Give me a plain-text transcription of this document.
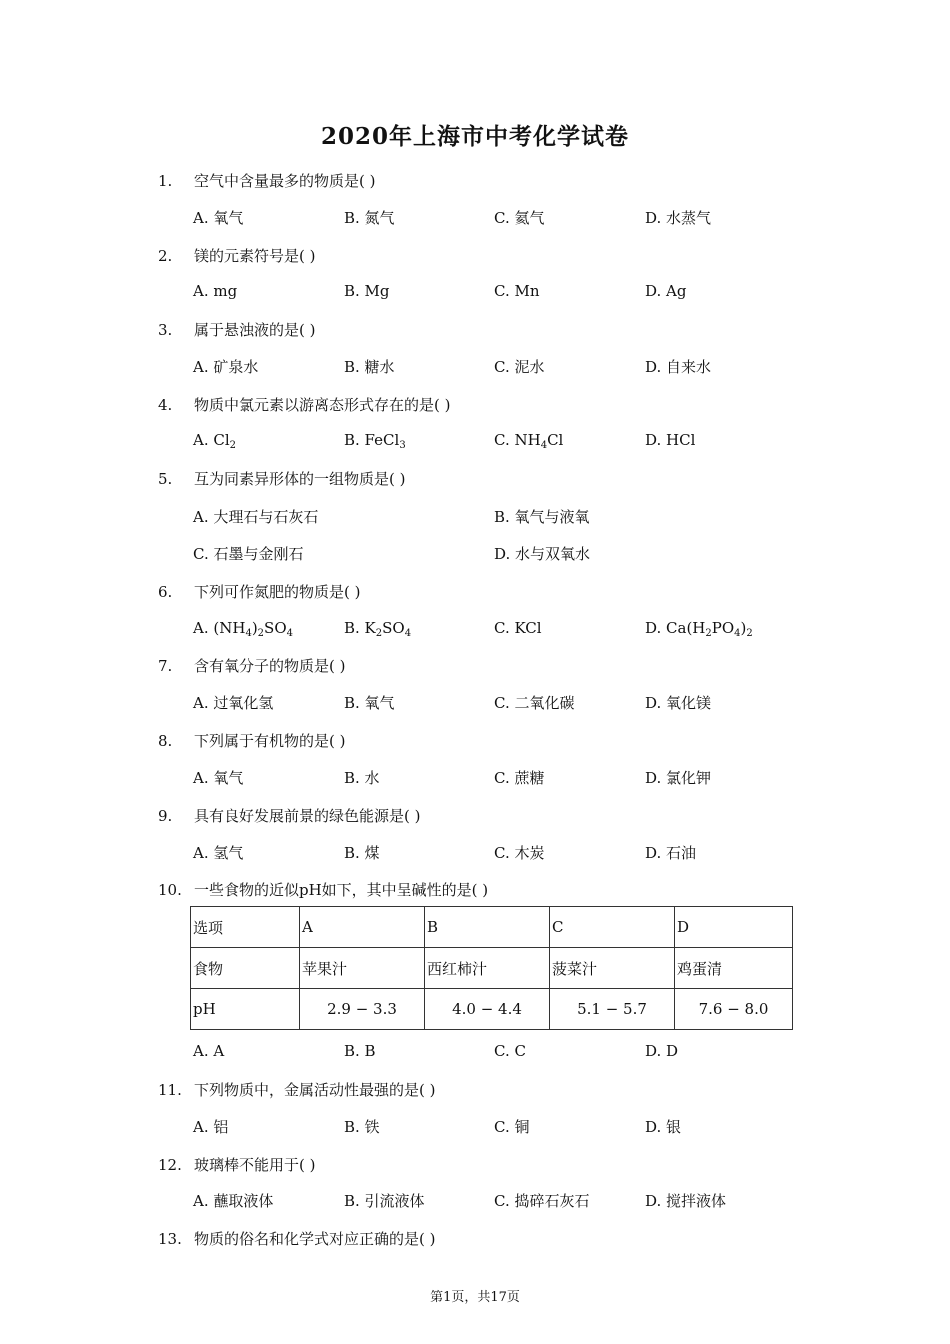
2020年上海市中考化学试卷
1. 空气中含量最多的物质是( )
A. 氧气	B. 氮气	C. 氦气	D. 水蒸气
2. 镁的元素符号是( )
A. mg	B. Mg	C. Mn	D. Ag
3. 属于悬浊液的是( )
A. 矿泉水	B. 糖水	C. 泥水	D. 自来水
4. 物质中氯元素以游离态形式存在的是( )
A. $Cl_2$	B. FeCl$_3$	C. $NH_4Cl$	D. HCl
5. 互为同素异形体的一组物质是( )
A. 大理石与石灰石	B. 氧气与液氧
C. 石墨与金刚石	D. 水与双氧水
6. 下列可作氮肥的物质是( )
A. $(NH_4)_2SO_4$	B. $K_2SO_4$	C. KCl	D. $Ca(H_2PO_4)_2$
7. 含有氧分子的物质是( )
A. 过氧化氢	B. 氧气	C. 二氧化碳	D. 氧化镁
8. 下列属于有机物的是( )
A. 氧气	B. 水	C. 蔗糖	D. 氯化钾
9. 具有良好发展前景的绿色能源是( )
A. 氢气	B. 煤	C. 木炭	D. 石油
10. 一些食物的近似pH如下，其中呈碱性的是( )
选项	A	B	C	D
食物	苹果汁	西红柿汁	菠菜汁	鸡蛋清
pH	2.9 − 3.3	4.0 − 4.4	5.1 − 5.7	7.6 − 8.0
A. A	B. B	C. C	D. D
11. 下列物质中，金属活动性最强的是( )
A. 铝	B. 铁	C. 铜	D. 银
12. 玻璃棒不能用于( )
A. 蘸取液体	B. 引流液体	C. 捣碎石灰石	D. 搅拌液体
13. 物质的俗名和化学式对应正确的是( )
第1页，共17页
